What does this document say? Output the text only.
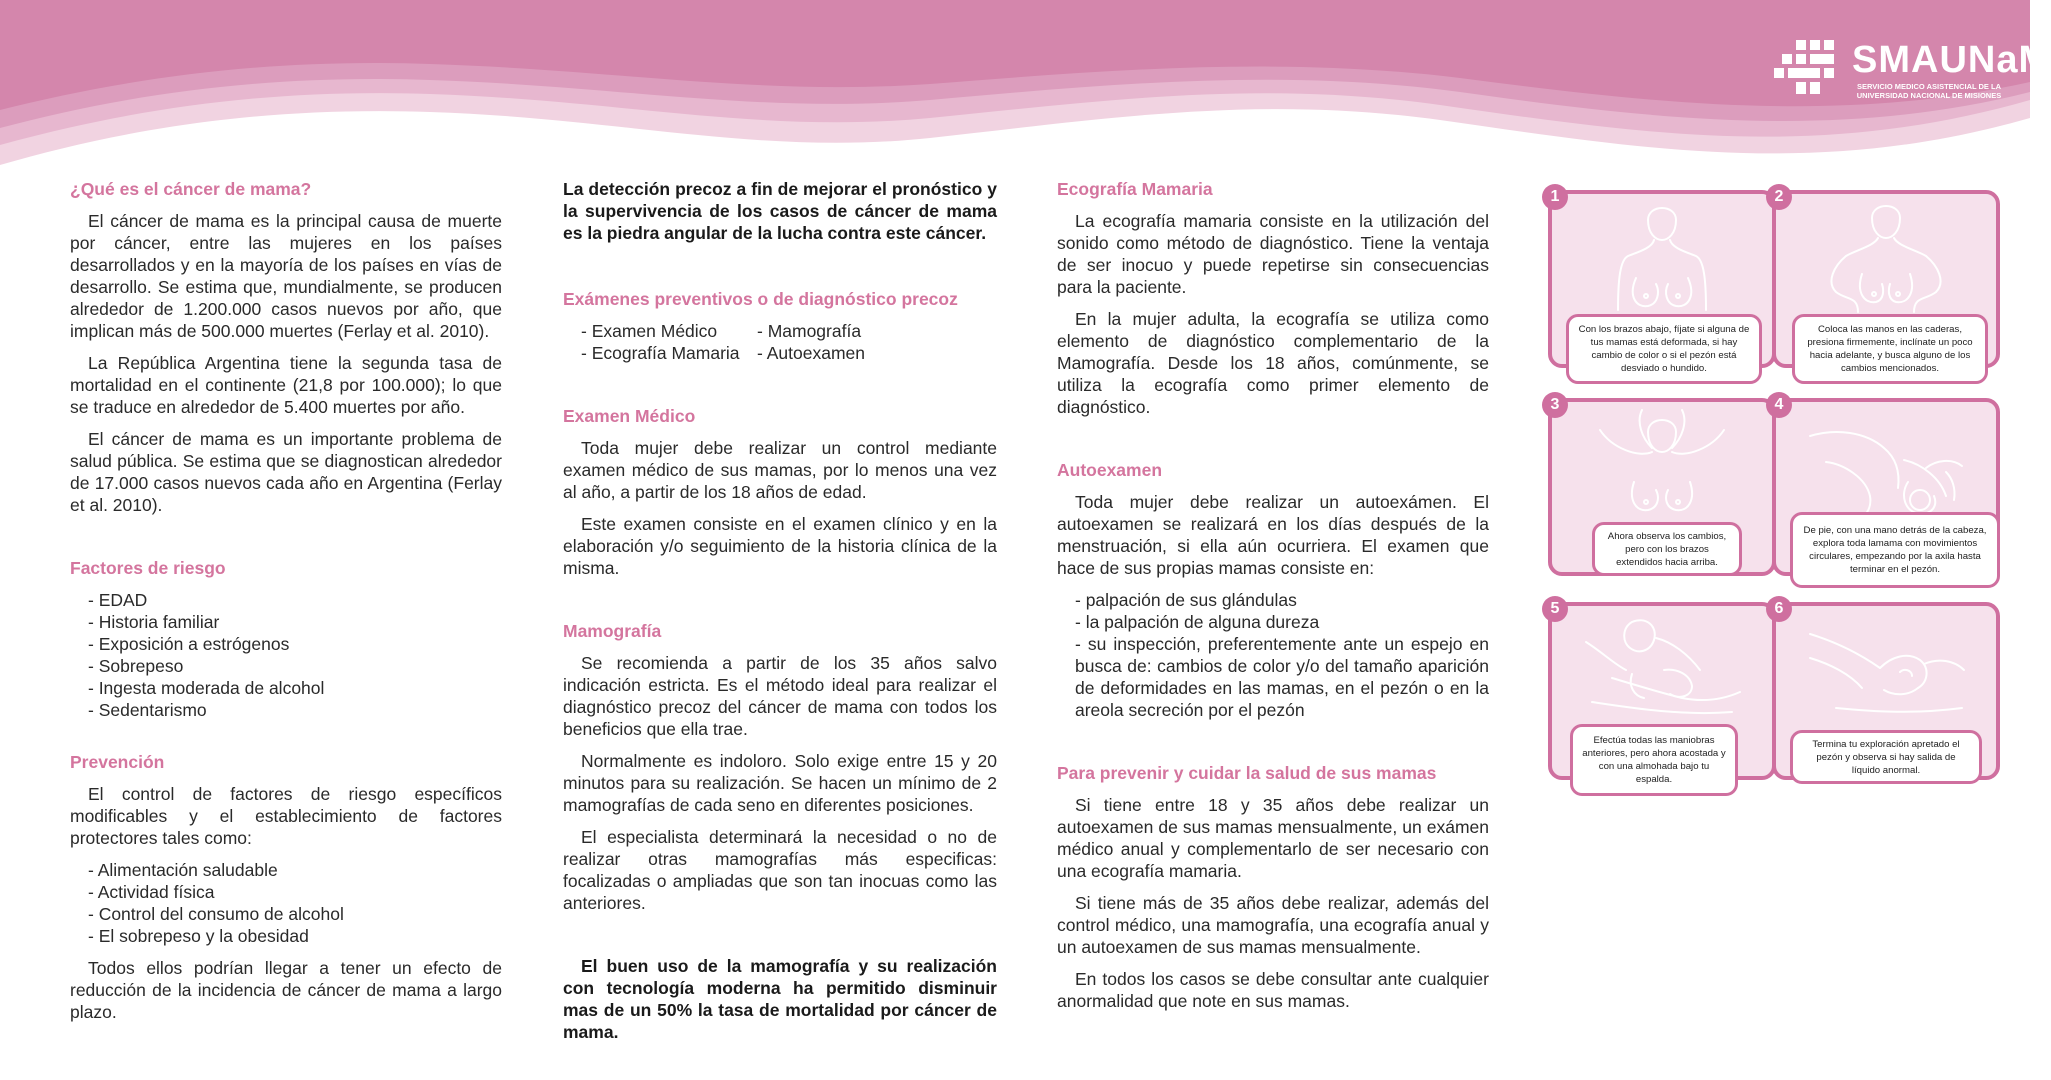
SMAUNaM
SERVICIO MEDICO ASISTENCIAL DE LA UNIVERSIDAD NACIONAL DE MISIONES
¿Qué es el cáncer de mama?

El cáncer de mama es la principal causa de muerte por cáncer, entre las mujeres en los países desarrollados y en la mayoría de los países en vías de desarrollo. Se estima que, mundialmente, se producen alrededor de 1.200.000 casos nuevos por año, que implican más de 500.000 muertes (Ferlay et al. 2010).

La República Argentina tiene la segunda tasa de mortalidad en el continente (21,8 por 100.000); lo que se traduce en alrededor de 5.400 muertes por año.

El cáncer de mama es un importante problema de salud pública. Se estima que se diagnostican alrededor de 17.000 casos nuevos cada año en Argentina (Ferlay et al. 2010).

Factores de riesgo
- EDAD
- Historia familiar
- Exposición a estrógenos
- Sobrepeso
- Ingesta moderada de alcohol
- Sedentarismo
Prevención

El control de factores de riesgo específicos modificables y el establecimiento de factores protectores tales como:

- Alimentación saludable
- Actividad física
- Control del consumo de alcohol
- El sobrepeso y la obesidad

Todos ellos podrían llegar a tener un efecto de reducción de la incidencia de cáncer de mama a largo plazo.

La detección precoz a fin de mejorar el pronóstico y la supervivencia de los casos de cáncer de mama es la piedra angular de la lucha contra este cáncer.

Exámenes preventivos o de diagnóstico precoz
- Examen Médico	- Mamografía
- Ecografía Mamaria - Autoexamen
Examen Médico

Toda mujer debe realizar un control mediante examen médico de sus mamas, por lo menos una vez al año, a partir de los 18 años de edad.

Este examen consiste en el examen clínico y en la elaboración y/o seguimiento de la historia clínica de la misma.

Mamografía

Se recomienda a partir de los 35 años salvo indicación estricta. Es el método ideal para realizar el diagnóstico precoz del cáncer de mama con todos los beneficios que ella trae.

Normalmente es indoloro. Solo exige entre 15 y 20 minutos para su realización. Se hacen un mínimo de 2 mamografías de cada seno en diferentes posiciones.

El especialista determinará la necesidad o no de realizar otras mamografías más especificas: focalizadas o ampliadas que son tan inocuas como las anteriores.

El buen uso de la mamografía y su realización con tecnología moderna ha permitido disminuir mas de un 50% la tasa de mortalidad por cáncer de mama.

Ecografía Mamaria

La ecografía mamaria consiste en la utilización del sonido como método de diagnóstico. Tiene la ventaja de ser inocuo y puede repetirse sin consecuencias para la paciente.

En la mujer adulta, la ecografía se utiliza como elemento de diagnóstico complementario de la Mamografía. Desde los 18 años, comúnmente, se utiliza la ecografía como primer elemento de diagnóstico.

Autoexamen

Toda mujer debe realizar un autoexámen. El autoexamen se realizará en los días después de la menstruación, si ella aún ocurriera. El examen que hace de sus propias mamas consiste en:

- palpación de sus glándulas
- la palpación de alguna dureza
- su inspección, preferentemente ante un espejo en busca de: cambios de color y/o del tamaño aparición de deformidades en las mamas, en el pezón o en la areola secreción por el pezón
Para prevenir y cuidar la salud de sus mamas

Si tiene entre 18 y 35 años debe realizar un autoexamen de sus mamas mensualmente, un exámen médico anual y complementarlo de ser necesario con una ecografía mamaria.

Si tiene más de 35 años debe realizar, además del control médico, una mamografía, una ecografía anual y un autoexamen de sus mamas mensualmente.

En todos los casos se debe consultar ante cualquier anormalidad que note en sus mamas.

1
Con los brazos abajo, fíjate si alguna de tus mamas está deformada, si hay cambio de color o si el pezón está desviado o hundido.
2
Coloca las manos en las caderas, presiona firmemente, inclínate un poco hacia adelante, y busca alguno de los cambios mencionados.
3
Ahora observa los cambios, pero con los brazos extendidos hacia arriba.
4
De pie, con una mano detrás de la cabeza, explora toda lamama con movimientos circulares, empezando por la axila hasta terminar en el pezón.
5
Efectúa todas las maniobras anteriores, pero ahora acostada y con una almohada bajo tu espalda.
6
Termina tu exploración apretado el pezón y observa si hay salida de líquido anormal.
